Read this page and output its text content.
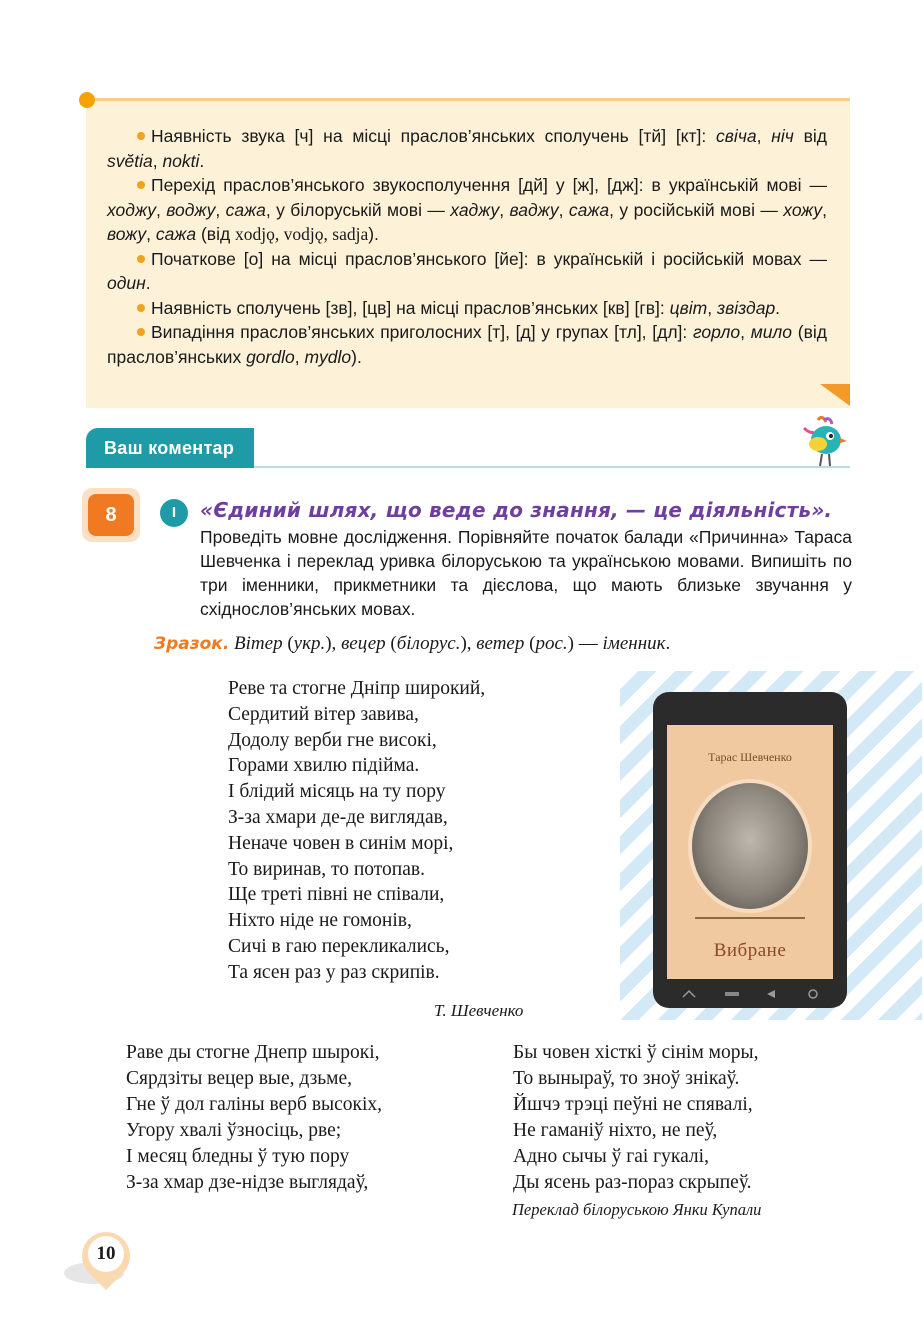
Наявність звука [ч] на місці праслов’янських сполучень [тй] [кт]: свіча, ніч від svĕtia, nokti.

Перехід праслов’янського звукосполучення [дй] у [ж], [дж]: в українській мові — ходжу, воджу, сажа, у білоруській мові — хаджу, ваджу, сажа, у російській мові — хожу, вожу, сажа (від xodjǫ, vodjǫ, sadja).

Початкове [о] на місці праслов’янського [йе]: в українській і російській мовах — один.

Наявність сполучень [зв], [цв] на місці праслов’янських [кв] [гв]: цвіт, звіздар.

Випадіння праслов’янських приголосних [т], [д] у групах [тл], [дл]: горло, мило (від праслов’янських gordlo, mydlo).

Ваш коментар
8	І	«Єдиний шлях, що веде до знання, — це діяльність».
Проведіть мовне дослідження. Порівняйте початок балади «Причинна» Тараса Шевченка і переклад уривка білоруською та українською мовами. Випишіть по три іменники, прикметники та дієслова, що мають близьке звучання у східнослов’янських мовах.
Зразок. Вітер (укр.), вецер (білорус.), ветер (рос.) — іменник.
Реве та стогне Дніпр широкий,
Сердитий вітер завива,
Додолу верби гне високі,
Горами хвилю підійма.
І блідий місяць на ту пору
З-за хмари де-де виглядав,
Неначе човен в синім морі,
То виринав, то потопав.
Ще треті півні не співали,
Ніхто ніде не гомонів,
Сичі в гаю перекликались,
Та ясен раз у раз скрипів.
Т. Шевченко
Тарас Шевченко
Вибране
Раве ды стогне Днепр шырокі,
Сярдзіты вецер вые, дзьме,
Гне ў дол галіны верб высокіх,
Угору хвалі ўзносіць, рве;
І месяц бледны ў тую пору
З-за хмар дзе-нідзе выглядаў,
Бы човен хісткі ў сінім моры,
То выныраў, то зноў знікаў.
Йшчэ трэці пеўні не спявалі,
Не гаманіў ніхто, не пеў,
Адно сычы ў гаі гукалі,
Ды ясень раз-пораз скрыпеў.
Переклад білоруською Янки Купали
10
